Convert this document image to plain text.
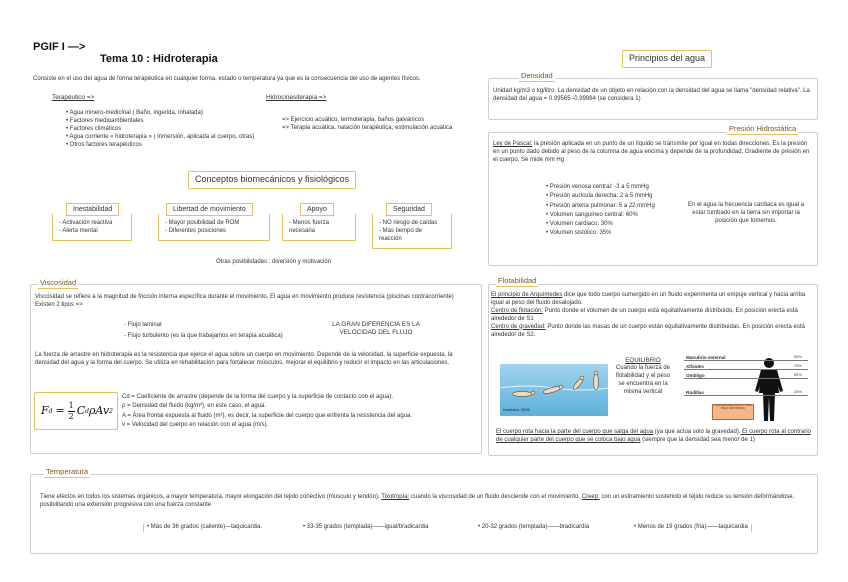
PGIF I —>
Tema 10 : Hidroterapia
Consiste en el uso del agua de forma terapéutica en cualquier forma, estado o temperatura ya que es la consecuencia del uso de agentes físicos.
Terapéutico =>
• Agua minero-medicinal ( Baño, ingerida, inhalada)
• Factores medioambientales
• Factores climáticos
• Agua corriente « hidroterapia » ( Inmersión, aplicada al cuerpo, otras)
• Otros factores terapéuticos
Hidrocinesiterapia =>
=> Ejercicio acuático, termoterapia, baños galvánicos
=> Terapia acuática, natación terapéutica, estimulación acuática
Conceptos biomecánicos y fisiológicos
Inestabilidad
- Activación reactiva
- Alerta mental
Libertad de movimiento
- Mayor posibilidad de ROM
- Diferentes posiciones
Apoyo
- Menos fuerza necesaria
Seguridad
- NO riesgo de caídas
- Mas tiempo de reacción
Otras posibilidades : diversión y motivación
Viscosidad
Viscosidad se refiere a la magnitud de fricción interna específica durante el movimiento. El agua en movimiento produce resistencia (piscinas contracorriente) Existen 2 tipos =>
- Flujo laminar
- Flujo turbulento (es la que trabajamos en terapia acuática)
LA GRAN DIFERENCIA ES LA VELOCIDAD DEL FLUJO
La fuerza de arrastre en hidroterapia es la resistencia que ejerce el agua sobre un cuerpo en movimiento. Depende de la velocidad, la superficie expuesta, la densidad del agua y la forma del cuerpo. Se utiliza en rehabilitación para fortalecer músculos, mejorar el equilibrio y reducir el impacto en las articulaciones.
F d = 1
2 C d ρAv 2
Cd = Coeficiente de arrastre (depende de la forma del cuerpo y la superficie de contacto con el agua).
ρ = Densidad del fluido (kg/m³), en este caso, el agua.
A = Área frontal expuesta al fluido (m²), es decir, la superficie del cuerpo que enfrenta la resistencia del agua.
v = Velocidad del cuerpo en relación con el agua (m/s).
Principios del agua
Densidad
Unidad kg/m3 o kg/litro. La densidad de un objeto en relación con la densidad del agua se llama "densidad relativa". La densidad del agua = 0.99565 -0.99984 (se considera 1)
Presión Hidrostática
Ley de Pascal: la presión aplicada en un punto de un líquido se transmite por igual en todas direcciones. Es la presión en un punto dado debido al peso de la columna de agua encima y depende de la profundidad. Gradiente de presión en el cuerpo. Se mide mm Hg
• Presión venosa central: -3 a 5 mmHg
• Presión aurícula derecha: 2 a 5 mmHg
• Presión arteria pulmonar: 5 a 22 mmHg
• Volumen sanguíneo central: 60%
• Volumen cardiaco: 30%
• Volumen sistólico: 35%
En el agua la frecuencia cardiaca es igual a estar tumbado en la tierra sin importar la posición que tomemos.
Flotabilidad
El principio de Arquímedes dice que todo cuerpo sumergido en un fluido experimenta un empuje vertical y hacia arriba igual al peso del fluido desalojado.
Centro de flotación: Punto donde el volumen de un cuerpo está equitativamente distribuido, En posición erecta está alrededor de S1
Centro de gravedad: Punto donde las masas de un cuerpo están equitativamente distribuidas. En posición erecta está alrededor de S2.
Kamioka, 2006
EQUILIBRIO
Cuando la fuerza de flotabilidad y el peso se encuentra en la misma vertical
Manubrio esternal
Xifoides
Ombligo
Rodillas
90%
70%
50%
20%
INMERSIÓN EN AGUA — % DE PESO SOPORTADO
El cuerpo rota hacia la parte del cuerpo que salga del agua (ya que actúa solo la gravedad). El cuerpo rota al contrario de cualquier parte del cuerpo que se coloca bajo agua (siempre que la densidad sea menor de 1)
Temperatura
Tiene efectos en todos los sistemas orgánicos, a mayor temperatura, mayor elongación del tejido conectivo (musculo y tendón). Tixotropía: cuando la viscosidad de un fluido desciende con el movimiento. Creep: con un estiramiento sostenido el tejido reduce su tensión deformándose, posibilitando una extensión progresiva con una fuerza constante
• Más de 36 grados (caliente)—taquicardia.	• 33-35 grados (templada)——igual/bradicardia	• 20-32 grados (templada)——bradicardia	• Menos de 19 grados (fria)——taquicardia
